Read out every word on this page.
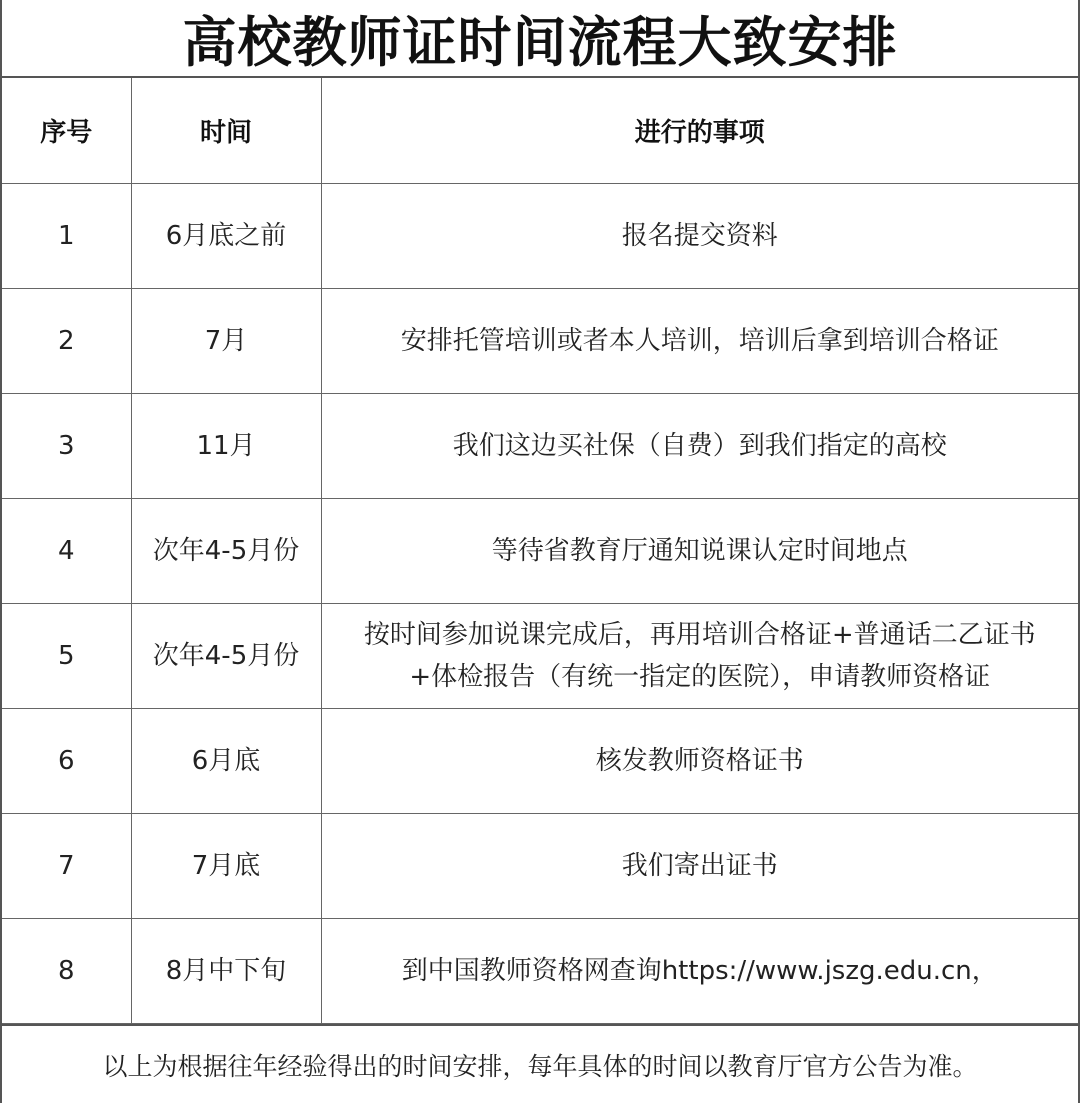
高校教师证时间流程大致安排
序号	时间	进行的事项
1	6月底之前	报名提交资料

2	7月	安排托管培训或者本人培训，培训后拿到培训合格证

3	11月	我们这边买社保（自费）到我们指定的高校

4	次年4-5月份	等待省教育厅通知说课认定时间地点

5	次年4-5月份	按时间参加说课完成后，再用培训合格证+普通话二乙证书
+体检报告（有统一指定的医院），申请教师资格证

6	6月底	核发教师资格证书

7	7月底	我们寄出证书

8	8月中下旬	到中国教师资格网查询https://www.jszg.edu.cn，
以上为根据往年经验得出的时间安排，每年具体的时间以教育厅官方公告为准。
